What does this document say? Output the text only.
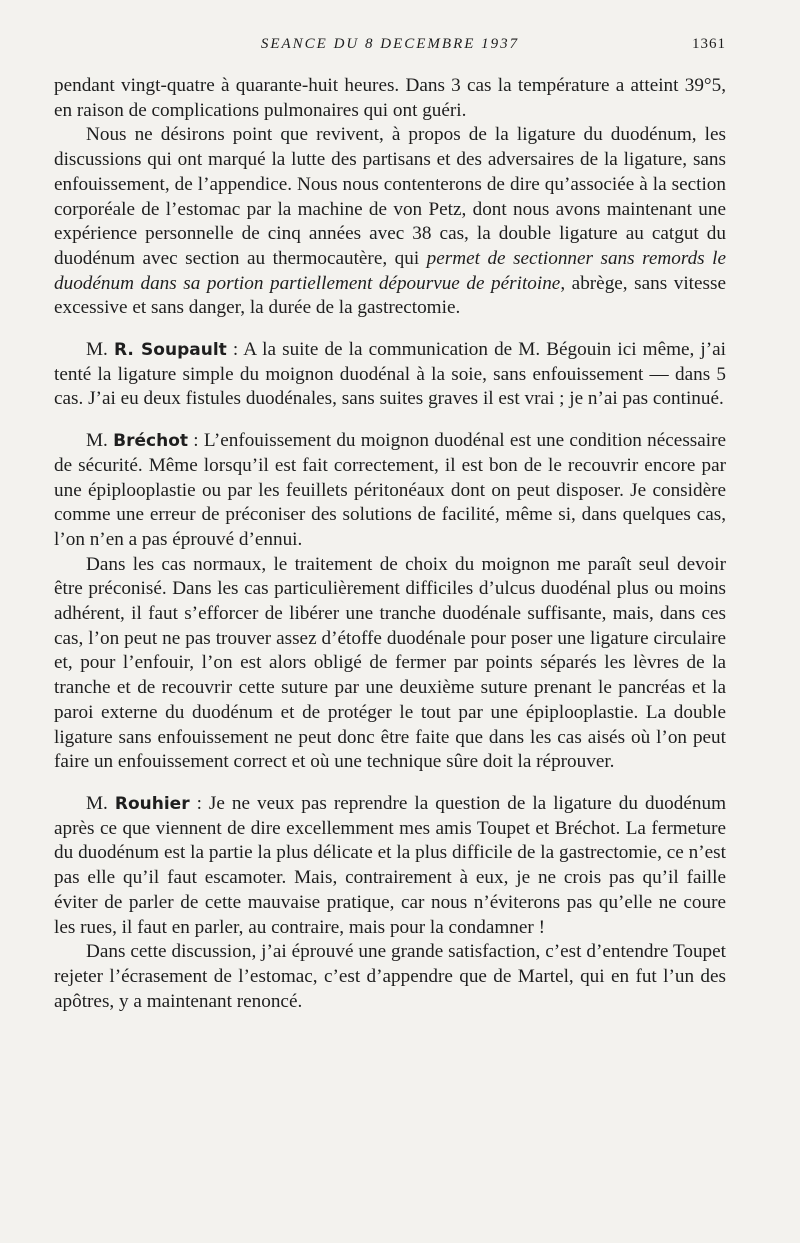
SEANCE DU 8 DECEMBRE 1937	1361

pendant vingt-quatre à quarante-huit heures. Dans 3 cas la température a atteint 39°5, en raison de complications pulmonaires qui ont guéri.

Nous ne désirons point que revivent, à propos de la ligature du duodénum, les discussions qui ont marqué la lutte des partisans et des adversaires de la ligature, sans enfouissement, de l’appendice. Nous nous contenterons de dire qu’associée à la section corporéale de l’estomac par la machine de von Petz, dont nous avons maintenant une expérience personnelle de cinq années avec 38 cas, la double ligature au catgut du duodénum avec section au thermocautère, qui permet de sectionner sans remords le duodénum dans sa portion partiellement dépourvue de péritoine, abrège, sans vitesse excessive et sans danger, la durée de la gastrectomie.

M. R. Soupault : A la suite de la communication de M. Bégouin ici même, j’ai tenté la ligature simple du moignon duodénal à la soie, sans enfouissement — dans 5 cas. J’ai eu deux fistules duodénales, sans suites graves il est vrai ; je n’ai pas continué.

M. Bréchot : L’enfouissement du moignon duodénal est une condition nécessaire de sécurité. Même lorsqu’il est fait correctement, il est bon de le recouvrir encore par une épiplooplastie ou par les feuillets péritonéaux dont on peut disposer. Je considère comme une erreur de préconiser des solutions de facilité, même si, dans quelques cas, l’on n’en a pas éprouvé d’ennui.

Dans les cas normaux, le traitement de choix du moignon me paraît seul devoir être préconisé. Dans les cas particulièrement difficiles d’ulcus duodénal plus ou moins adhérent, il faut s’efforcer de libérer une tranche duodénale suffisante, mais, dans ces cas, l’on peut ne pas trouver assez d’étoffe duodénale pour poser une ligature circulaire et, pour l’enfouir, l’on est alors obligé de fermer par points séparés les lèvres de la tranche et de recouvrir cette suture par une deuxième suture prenant le pancréas et la paroi externe du duodénum et de protéger le tout par une épiplooplastie. La double ligature sans enfouissement ne peut donc être faite que dans les cas aisés où l’on peut faire un enfouissement correct et où une technique sûre doit la réprouver.

M. Rouhier : Je ne veux pas reprendre la question de la ligature du duodénum après ce que viennent de dire excellemment mes amis Toupet et Bréchot. La fermeture du duodénum est la partie la plus délicate et la plus difficile de la gastrectomie, ce n’est pas elle qu’il faut escamoter. Mais, contrairement à eux, je ne crois pas qu’il faille éviter de parler de cette mauvaise pratique, car nous n’éviterons pas qu’elle ne coure les rues, il faut en parler, au contraire, mais pour la condamner !

Dans cette discussion, j’ai éprouvé une grande satisfaction, c’est d’entendre Toupet rejeter l’écrasement de l’estomac, c’est d’appendre que de Martel, qui en fut l’un des apôtres, y a maintenant renoncé.
